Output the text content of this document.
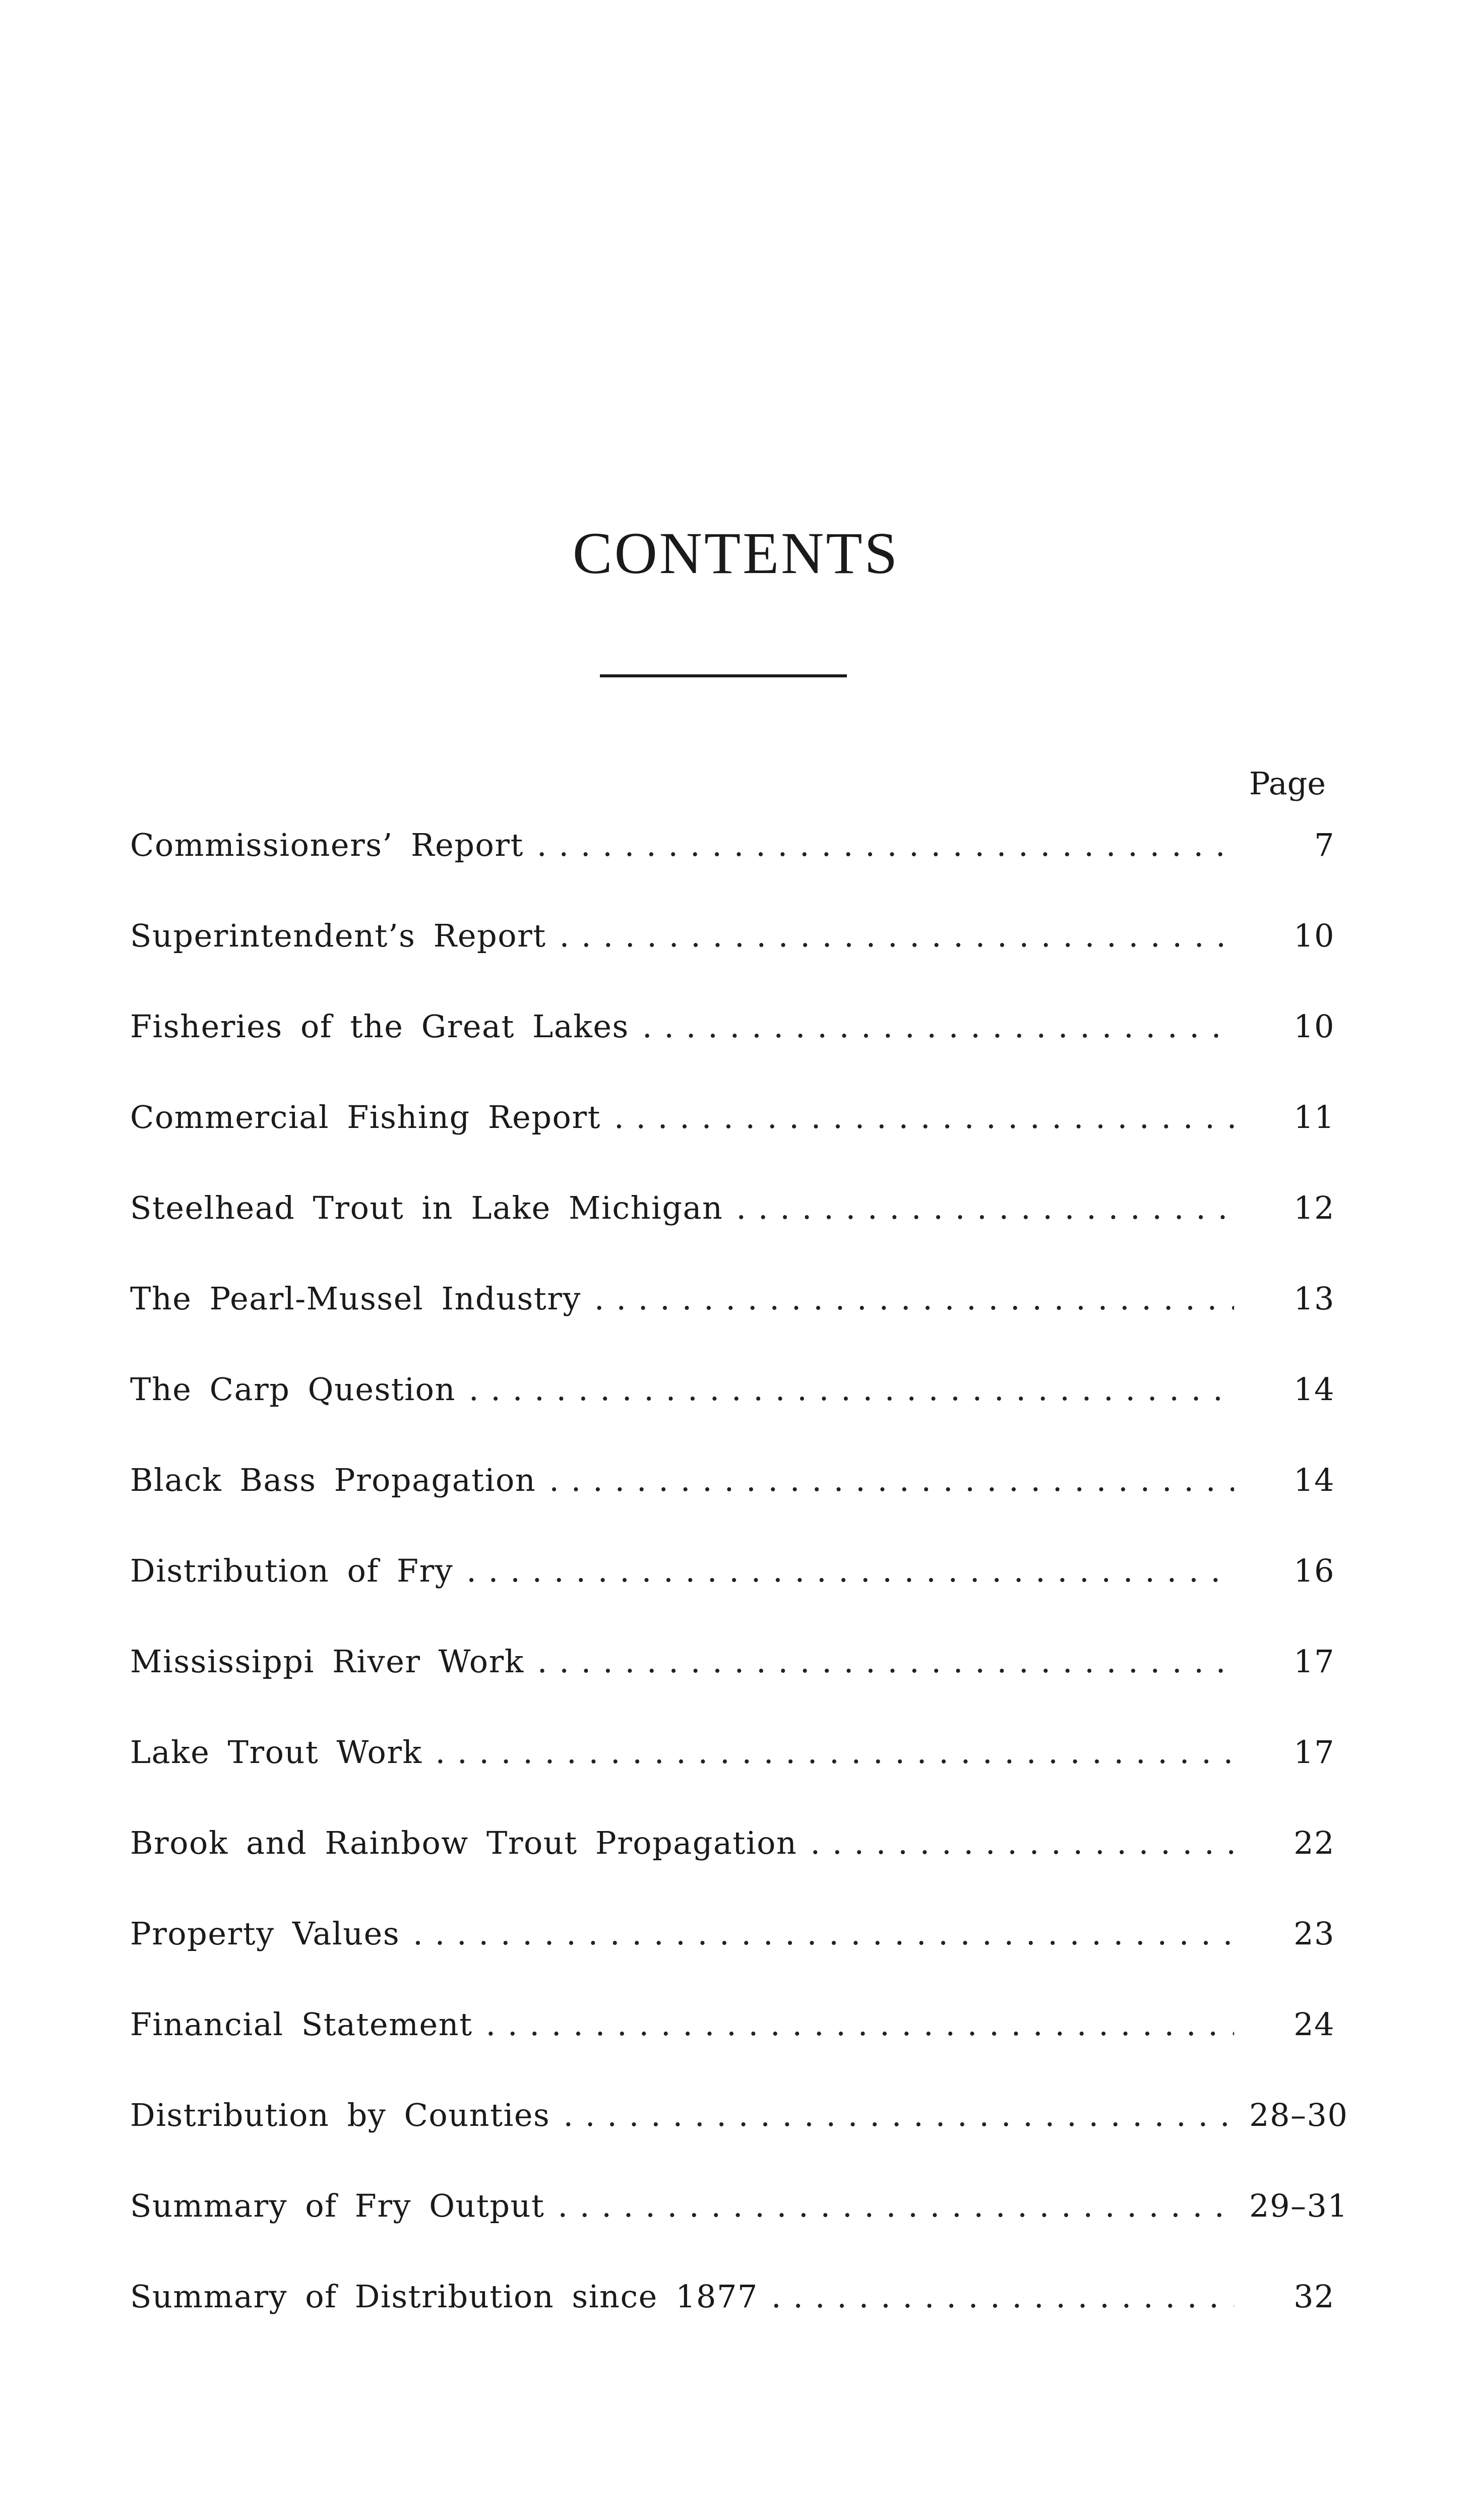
CONTENTS
Page
Commissioners’ Report . . .	7
Superintendent’s Report . . .	10
Fisheries of the Great Lakes . . .	10
Commercial Fishing Report . . .	11
Steelhead Trout in Lake Michigan . . .	12
The Pearl-Mussel Industry . . .	13
The Carp Question . . .	14
Black Bass Propagation . . .	14
Distribution of Fry . . .	16
Mississippi River Work . . .	17
Lake Trout Work . . .	17
Brook and Rainbow Trout Propagation . . .	22
Property Values . . .	23
Financial Statement . . .	24
Distribution by Counties . . .	28–30
Summary of Fry Output . . .	29–31
Summary of Distribution since 1877 . . .	32
